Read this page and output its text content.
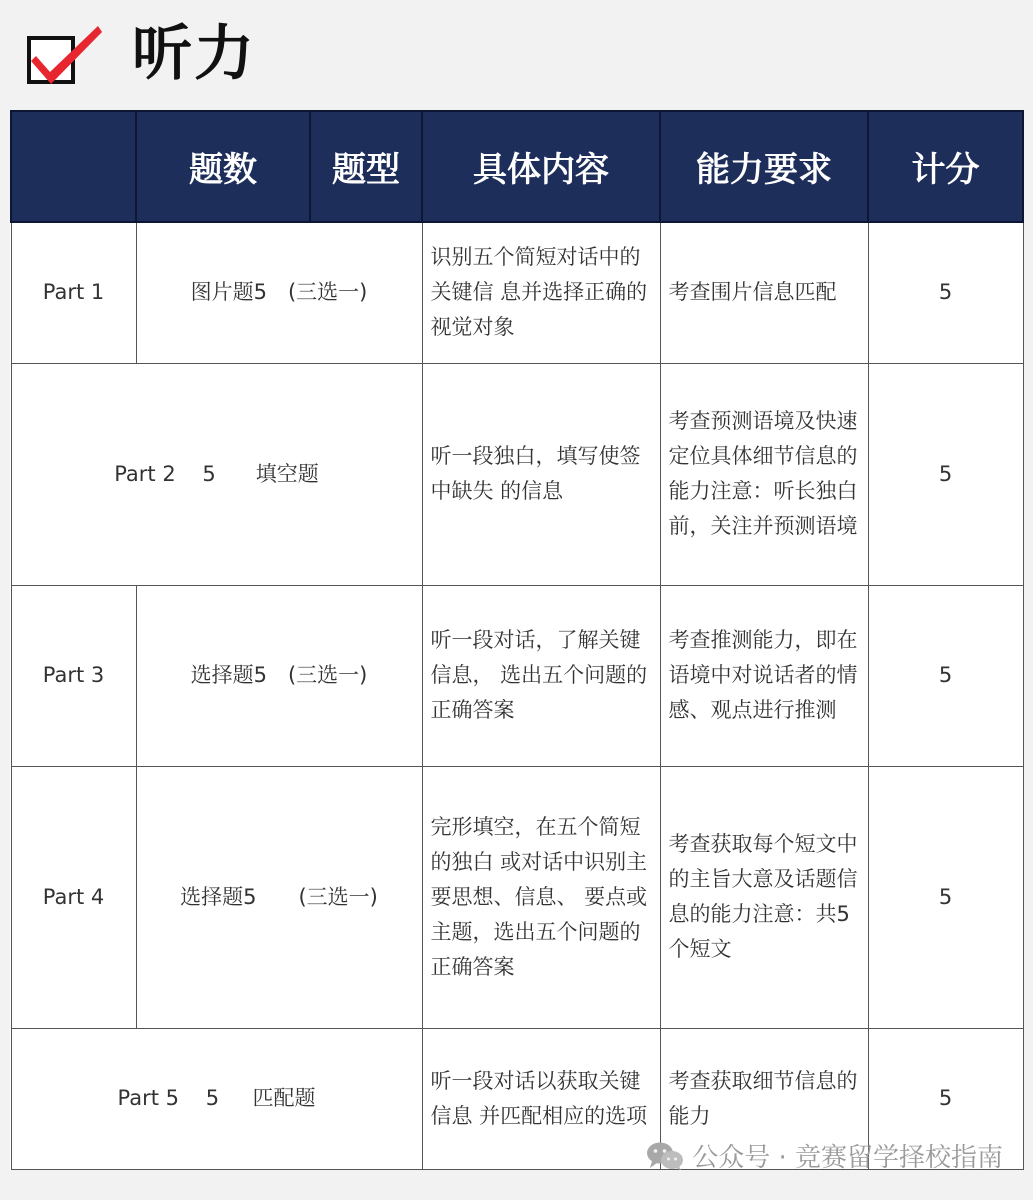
听力
	题数	题型	具体内容	能力要求	计分
Part 1	图片题5　(三选一)		识别五个简短对话中的关键信 息并选择正确的视觉对象	考查围片信息匹配	5
Part 2    5      填空题			听一段独白，填写使签中缺失 的信息	考查预测语境及快速定位具体细节信息的能力注意：听长独白前，关注并预测语境	5
Part 3	选择题5　(三选一)		听一段对话，了解关键信息， 选出五个问题的正确答案	考查推测能力，即在语境中对说话者的情感、观点进行推测	5
Part 4	选择题5　　(三选一)		完形填空，在五个简短的独白 或对话中识别主要思想、信息、 要点或主题，选出五个问题的 正确答案	考查获取每个短文中的主旨大意及话题信息的能力注意：共5个短文	5
Part 5    5     匹配题			听一段对话以获取关键信息 并匹配相应的选项	考查获取细节信息的能力	5
公众号 · 竞赛留学择校指南
